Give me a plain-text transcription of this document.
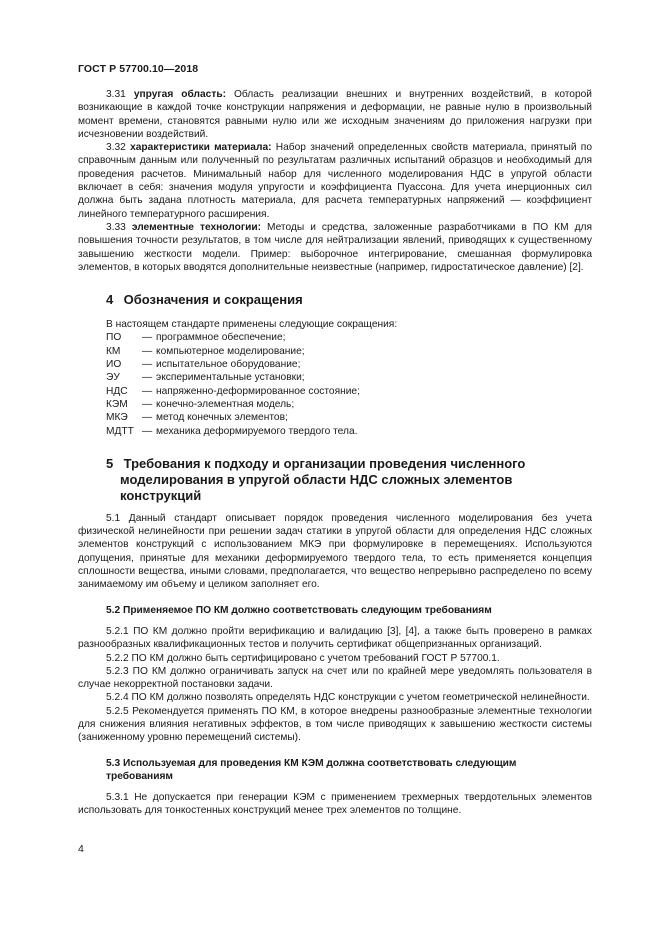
ГОСТ Р 57700.10—2018

3.31 упругая область: Область реализации внешних и внутренних воздействий, в которой возникающие в каждой точке конструкции напряжения и деформации, не равные нулю в произвольный момент времени, становятся равными нулю или же исходным значениям до приложения нагрузки при исчезновении воздействий.

3.32 характеристики материала: Набор значений определенных свойств материала, принятый по справочным данным или полученный по результатам различных испытаний образцов и необходимый для проведения расчетов. Минимальный набор для численного моделирования НДС в упругой области включает в себя: значения модуля упругости и коэффициента Пуассона. Для учета инерционных сил должна быть задана плотность материала, для расчета температурных напряжений — коэффициент линейного температурного расширения.

3.33 элементные технологии: Методы и средства, заложенные разработчиками в ПО КМ для повышения точности результатов, в том числе для нейтрализации явлений, приводящих к существенному завышению жесткости модели. Пример: выборочное интегрирование, смешанная формулировка элементов, в которых вводятся дополнительные неизвестные (например, гидростатическое давление) [2].

4 Обозначения и сокращения

В настоящем стандарте применены следующие сокращения:

ПО	—	программное обеспечение;
КМ	—	компьютерное моделирование;
ИО	—	испытательное оборудование;
ЭУ	—	экспериментальные установки;
НДС	—	напряженно-деформированное состояние;
КЭМ	—	конечно-элементная модель;
МКЭ	—	метод конечных элементов;
МДТТ	—	механика деформируемого твердого тела.
5 Требования к подходу и организации проведения численного
моделирования в упругой области НДС сложных элементов конструкций

5.1 Данный стандарт описывает порядок проведения численного моделирования без учета физической нелинейности при решении задач статики в упругой области для определения НДС сложных элементов конструкций с использованием МКЭ при формулировке в перемещениях. Используются допущения, принятые для механики деформируемого твердого тела, то есть применяется концепция сплошности вещества, иными словами, предполагается, что вещество непрерывно распределено по всему занимаемому им объему и целиком заполняет его.

5.2 Применяемое ПО КМ должно соответствовать следующим требованиям

5.2.1 ПО КМ должно пройти верификацию и валидацию [3], [4], а также быть проверено в рамках разнообразных квалификационных тестов и получить сертификат общепризнанных организаций.

5.2.2 ПО КМ должно быть сертифицировано с учетом требований ГОСТ Р 57700.1.

5.2.3 ПО КМ должно ограничивать запуск на счет или по крайней мере уведомлять пользователя в случае некорректной постановки задачи.

5.2.4 ПО КМ должно позволять определять НДС конструкции с учетом геометрической нелинейности.

5.2.5 Рекомендуется применять ПО КМ, в которое внедрены разнообразные элементные технологии для снижения влияния негативных эффектов, в том числе приводящих к завышению жесткости системы (заниженному уровню перемещений системы).

5.3 Используемая для проведения КМ КЭМ должна соответствовать следующим
требованиям

5.3.1 Не допускается при генерации КЭМ с применением трехмерных твердотельных элементов использовать для тонкостенных конструкций менее трех элементов по толщине.

4
